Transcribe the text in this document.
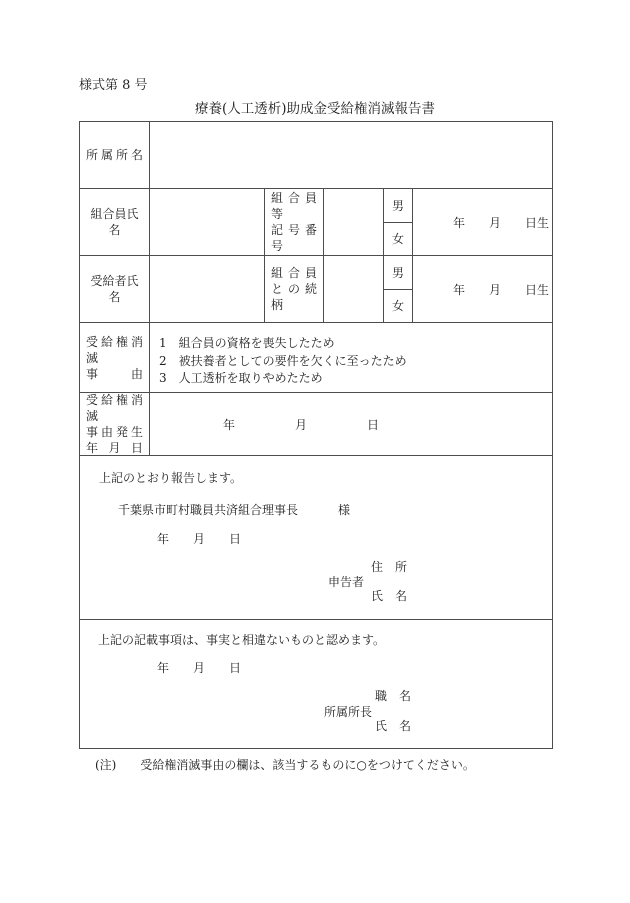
様式第 8 号
療養(人工透析)助成金受給権消滅報告書
所属所名
組合員氏名
組合員等
記号番号
男
女
年　　月　　日生
受給者氏名
組合員
との続柄
男
女
年　　月　　日生
受給権消滅
事由
1　組合員の資格を喪失したため
2　被扶養者としての要件を欠くに至ったため
3　人工透析を取りやめたため
受給権消滅
事由発生
年月日
年　　　　　月　　　　　日
上記のとおり報告します。
千葉県市町村職員共済組合理事長	様
年　　月　　日
申告者
住　所
氏　名
上記の記載事項は、事実と相違ないものと認めます。
年　　月　　日
所属所長
職　名
氏　名
(注)　　受給権消滅事由の欄は、該当するものに○をつけてください。
